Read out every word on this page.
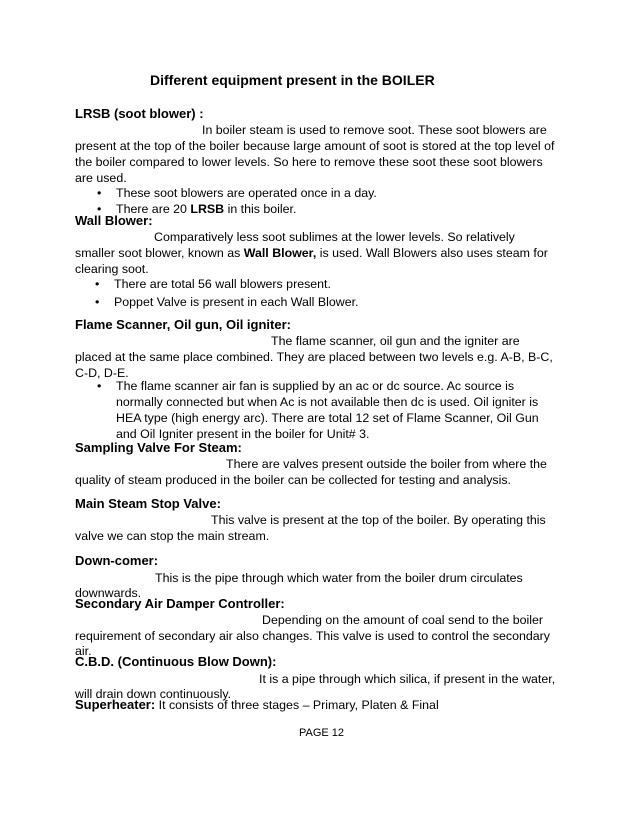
Different equipment present in the BOILER
LRSB (soot blower) :
In boiler steam is used to remove soot. These soot blowers are
present at the top of the boiler because large amount of soot is stored at the top level of
the boiler compared to lower levels. So here to remove these soot these soot blowers
are used.
• These soot blowers are operated once in a day.
• There are 20 LRSB in this boiler.
Wall Blower:
Comparatively less soot sublimes at the lower levels. So relatively
smaller soot blower, known as Wall Blower, is used. Wall Blowers also uses steam for
clearing soot.
• There are total 56 wall blowers present.
• Poppet Valve is present in each Wall Blower.
Flame Scanner, Oil gun, Oil igniter:
The flame scanner, oil gun and the igniter are
placed at the same place combined. They are placed between two levels e.g. A-B, B-C,
C-D, D-E.
• The flame scanner air fan is supplied by an ac or dc source. Ac source is
normally connected but when Ac is not available then dc is used. Oil igniter is
HEA type (high energy arc). There are total 12 set of Flame Scanner, Oil Gun
and Oil Igniter present in the boiler for Unit# 3.
Sampling Valve For Steam:
There are valves present outside the boiler from where the
quality of steam produced in the boiler can be collected for testing and analysis.
Main Steam Stop Valve:
This valve is present at the top of the boiler. By operating this
valve we can stop the main stream.
Down-comer:
This is the pipe through which water from the boiler drum circulates
downwards.
Secondary Air Damper Controller:
Depending on the amount of coal send to the boiler
requirement of secondary air also changes. This valve is used to control the secondary
air.
C.B.D. (Continuous Blow Down):
It is a pipe through which silica, if present in the water,
will drain down continuously.
Superheater: It consists of three stages – Primary, Platen & Final
PAGE 12
